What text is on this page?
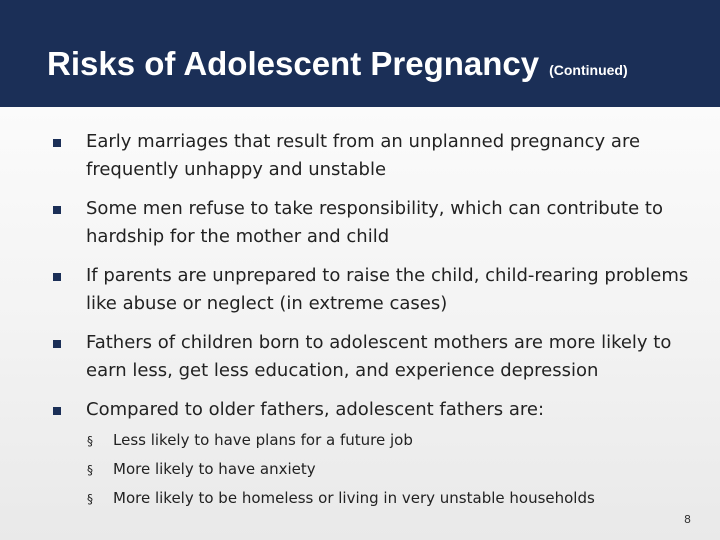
Risks of Adolescent Pregnancy (Continued)
Early marriages that result from an unplanned pregnancy are frequently unhappy and unstable
Some men refuse to take responsibility, which can contribute to hardship for the mother and child
If parents are unprepared to raise the child, child-rearing problems like abuse or neglect (in extreme cases)
Fathers of children born to adolescent mothers are more likely to earn less, get less education, and experience depression
Compared to older fathers, adolescent fathers are:
§ Less likely to have plans for a future job
§ More likely to have anxiety
§ More likely to be homeless or living in very unstable households
8
